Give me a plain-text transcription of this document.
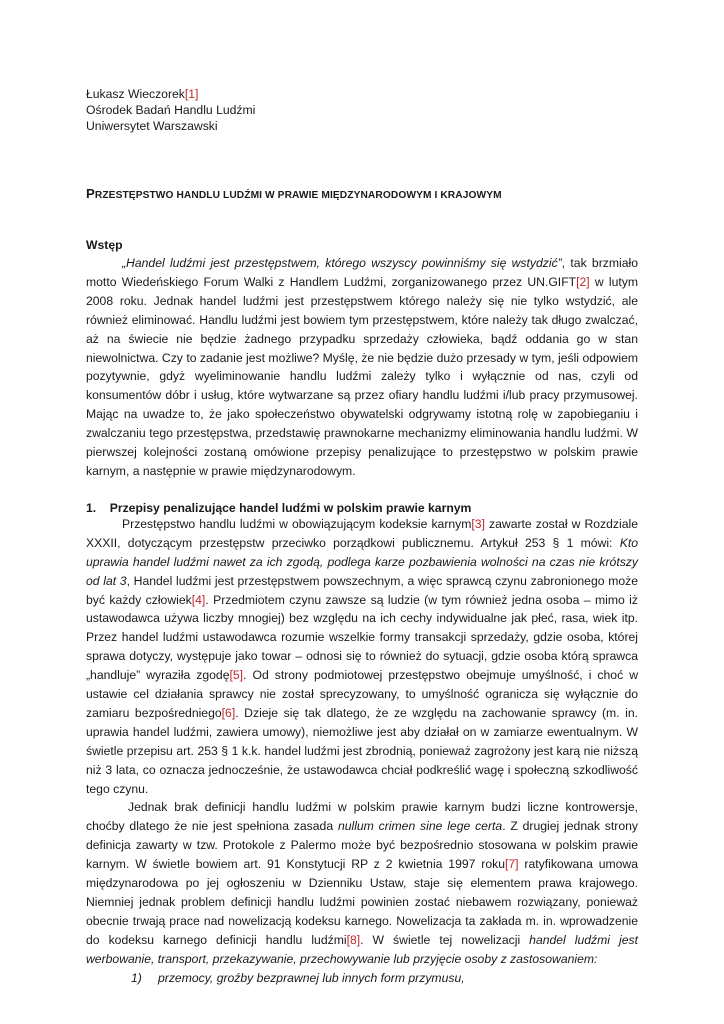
Łukasz Wieczorek[1]
Ośrodek Badań Handlu Ludźmi
Uniwersytet Warszawski
PRZESTĘPSTWO HANDLU LUDŹMI W PRAWIE MIĘDZYNARODOWYM I KRAJOWYM
Wstęp
„Handel ludźmi jest przestępstwem, którego wszyscy powinniśmy się wstydzić”, tak brzmiało motto Wiedeńskiego Forum Walki z Handlem Ludźmi, zorganizowanego przez UN.GIFT[2] w lutym 2008 roku. Jednak handel ludźmi jest przestępstwem którego należy się nie tylko wstydzić, ale również eliminować. Handlu ludźmi jest bowiem tym przestępstwem, które należy tak długo zwalczać, aż na świecie nie będzie żadnego przypadku sprzedaży człowieka, bądź oddania go w stan niewolnictwa. Czy to zadanie jest możliwe? Myślę, że nie będzie dużo przesady w tym, jeśli odpowiem pozytywnie, gdyż wyeliminowanie handlu ludźmi zależy tylko i wyłącznie od nas, czyli od konsumentów dóbr i usług, które wytwarzane są przez ofiary handlu ludźmi i/lub pracy przymusowej. Mając na uwadze to, że jako społeczeństwo obywatelski odgrywamy istotną rolę w zapobieganiu i zwalczaniu tego przestępstwa, przedstawię prawnokarne mechanizmy eliminowania handlu ludźmi. W pierwszej kolejności zostaną omówione przepisy penalizujące to przestępstwo w polskim prawie karnym, a następnie w prawie międzynarodowym.
1.    Przepisy penalizujące handel ludźmi w polskim prawie karnym
Przestępstwo handlu ludźmi w obowiązującym kodeksie karnym[3] zawarte został w Rozdziale XXXII, dotyczącym przestępstw przeciwko porządkowi publicznemu. Artykuł 253 § 1 mówi: Kto uprawia handel ludźmi nawet za ich zgodą, podlega karze pozbawienia wolności na czas nie krótszy od lat 3, Handel ludźmi jest przestępstwem powszechnym, a więc sprawcą czynu zabronionego może być każdy człowiek[4]. Przedmiotem czynu zawsze są ludzie (w tym również jedna osoba – mimo iż ustawodawca używa liczby mnogiej) bez względu na ich cechy indywidualne jak płeć, rasa, wiek itp. Przez handel ludźmi ustawodawca rozumie wszelkie formy transakcji sprzedaży, gdzie osoba, której sprawa dotyczy, występuje jako towar – odnosi się to również do sytuacji, gdzie osoba którą sprawca „handluje” wyraziła zgodę[5]. Od strony podmiotowej przestępstwo obejmuje umyślność, i choć w ustawie cel działania sprawcy nie został sprecyzowany, to umyślność ogranicza się wyłącznie do zamiaru bezpośredniego[6]. Dzieje się tak dlatego, że ze względu na zachowanie sprawcy (m. in. uprawia handel ludźmi, zawiera umowy), niemożliwe jest aby działał on w zamiarze ewentualnym. W świetle przepisu art. 253 § 1 k.k. handel ludźmi jest zbrodnią, ponieważ zagrożony jest karą nie niższą niż 3 lata, co oznacza jednocześnie, że ustawodawca chciał podkreślić wagę i społeczną szkodliwość tego czynu.
Jednak brak definicji handlu ludźmi w polskim prawie karnym budzi liczne kontrowersje, choćby dlatego że nie jest spełniona zasada nullum crimen sine lege certa. Z drugiej jednak strony definicja zawarty w tzw. Protokole z Palermo może być bezpośrednio stosowana w polskim prawie karnym. W świetle bowiem art. 91 Konstytucji RP z 2 kwietnia 1997 roku[7] ratyfikowana umowa międzynarodowa po jej ogłoszeniu w Dzienniku Ustaw, staje się elementem prawa krajowego. Niemniej jednak problem definicji handlu ludźmi powinien zostać niebawem rozwiązany, ponieważ obecnie trwają prace nad nowelizacją kodeksu karnego. Nowelizacja ta zakłada m. in. wprowadzenie do kodeksu karnego definicji handlu ludźmi[8]. W świetle tej nowelizacji handel ludźmi jest werbowanie, transport, przekazywanie, przechowywanie lub przyjęcie osoby z zastosowaniem:
1) przemocy, groźby bezprawnej lub innych form przymusu,
